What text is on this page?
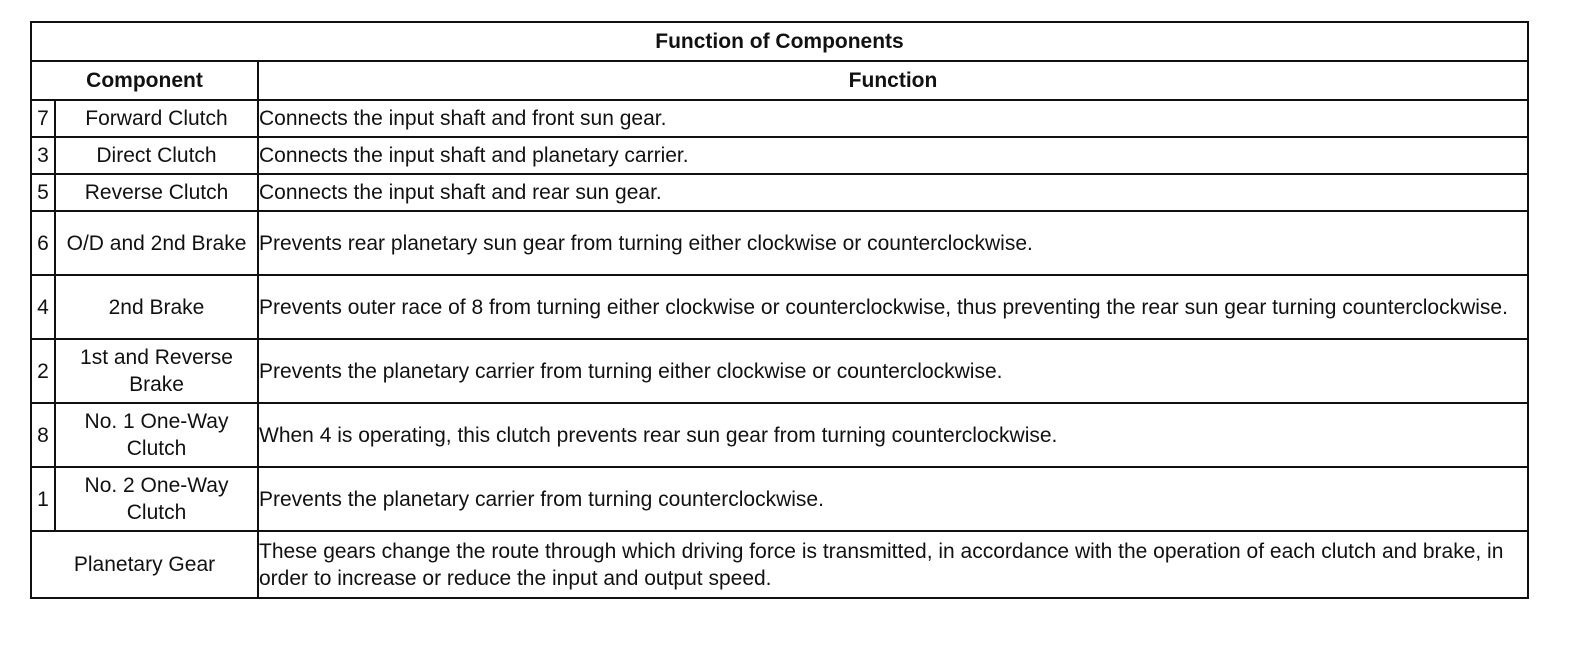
Function of Components		
Component		Function
7	Forward Clutch	Connects the input shaft and front sun gear.
3	Direct Clutch	Connects the input shaft and planetary carrier.
5	Reverse Clutch	Connects the input shaft and rear sun gear.
6	O/D and 2nd Brake	Prevents rear planetary sun gear from turning either clockwise or counterclockwise.
4	2nd Brake	Prevents outer race of 8 from turning either clockwise or counterclockwise, thus preventing the rear sun gear turning counterclockwise.
2	1st and Reverse Brake	Prevents the planetary carrier from turning either clockwise or counterclockwise.
8	No. 1 One-Way Clutch	When 4 is operating, this clutch prevents rear sun gear from turning counterclockwise.
1	No. 2 One-Way Clutch	Prevents the planetary carrier from turning counterclockwise.
Planetary Gear		These gears change the route through which driving force is transmitted, in accordance with the operation of each clutch and brake, in order to increase or reduce the input and output speed.
